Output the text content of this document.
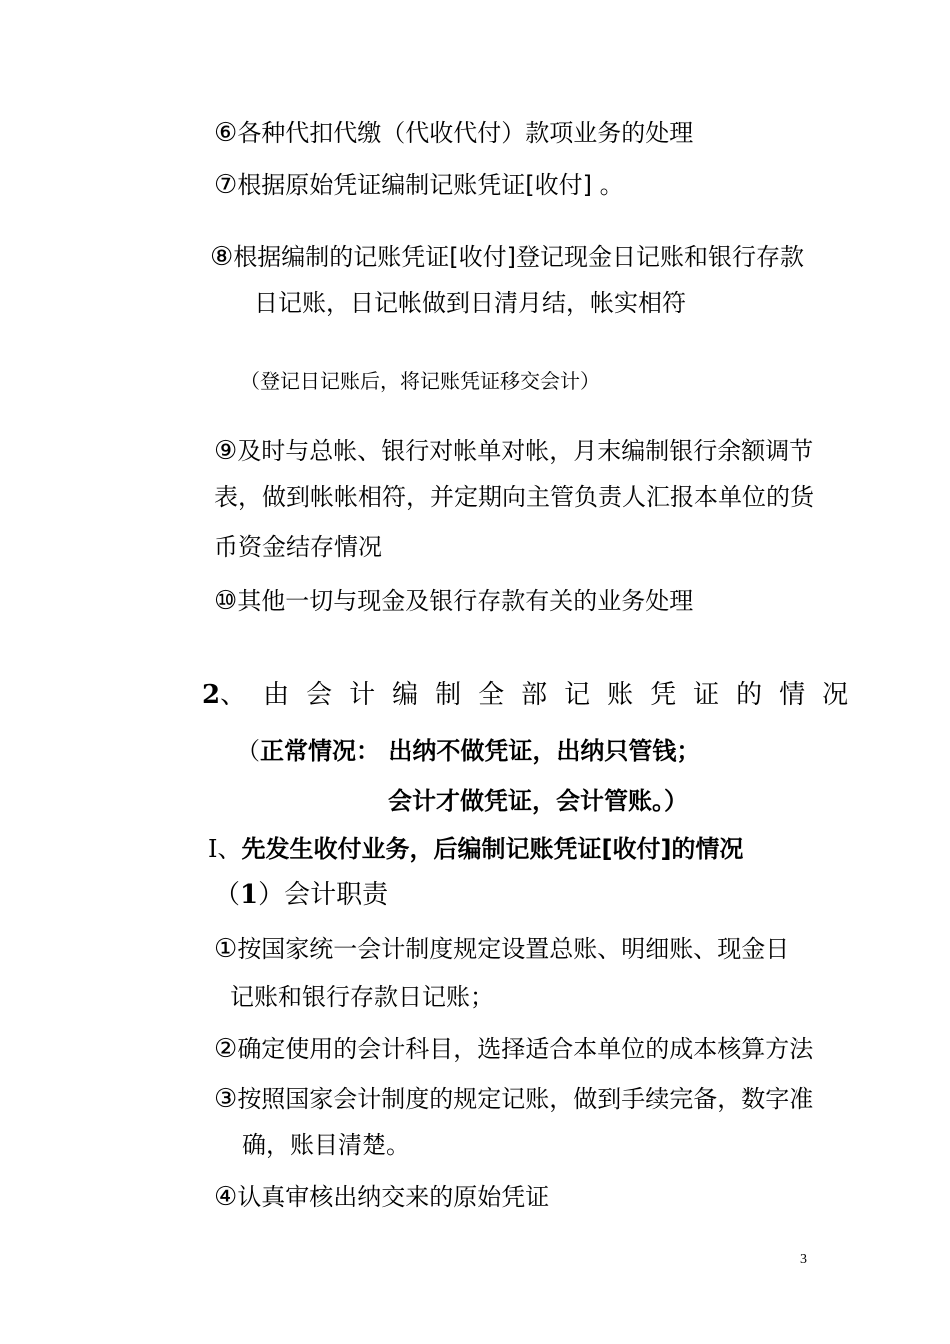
⑥各种代扣代缴（代收代付）款项业务的处理
⑦根据原始凭证编制记账凭证[收付] 。
⑧根据编制的记账凭证[收付]登记现金日记账和银行存款
日记账，日记帐做到日清月结，帐实相符
（登记日记账后，将记账凭证移交会计）
⑨及时与总帐、银行对帐单对帐，月末编制银行余额调节
表，做到帐帐相符，并定期向主管负责人汇报本单位的货
币资金结存情况
⑩其他一切与现金及银行存款有关的业务处理
2、由会计编制全部记账凭证的情况
（正常情况： 出纳不做凭证，出纳只管钱；
会计才做凭证，会计管账。）
Ⅰ、先发生收付业务，后编制记账凭证[收付]的情况
（1）会计职责
①按国家统一会计制度规定设置总账、明细账、现金日
记账和银行存款日记账；
②确定使用的会计科目，选择适合本单位的成本核算方法
③按照国家会计制度的规定记账，做到手续完备，数字准
确，账目清楚。
④认真审核出纳交来的原始凭证
3
